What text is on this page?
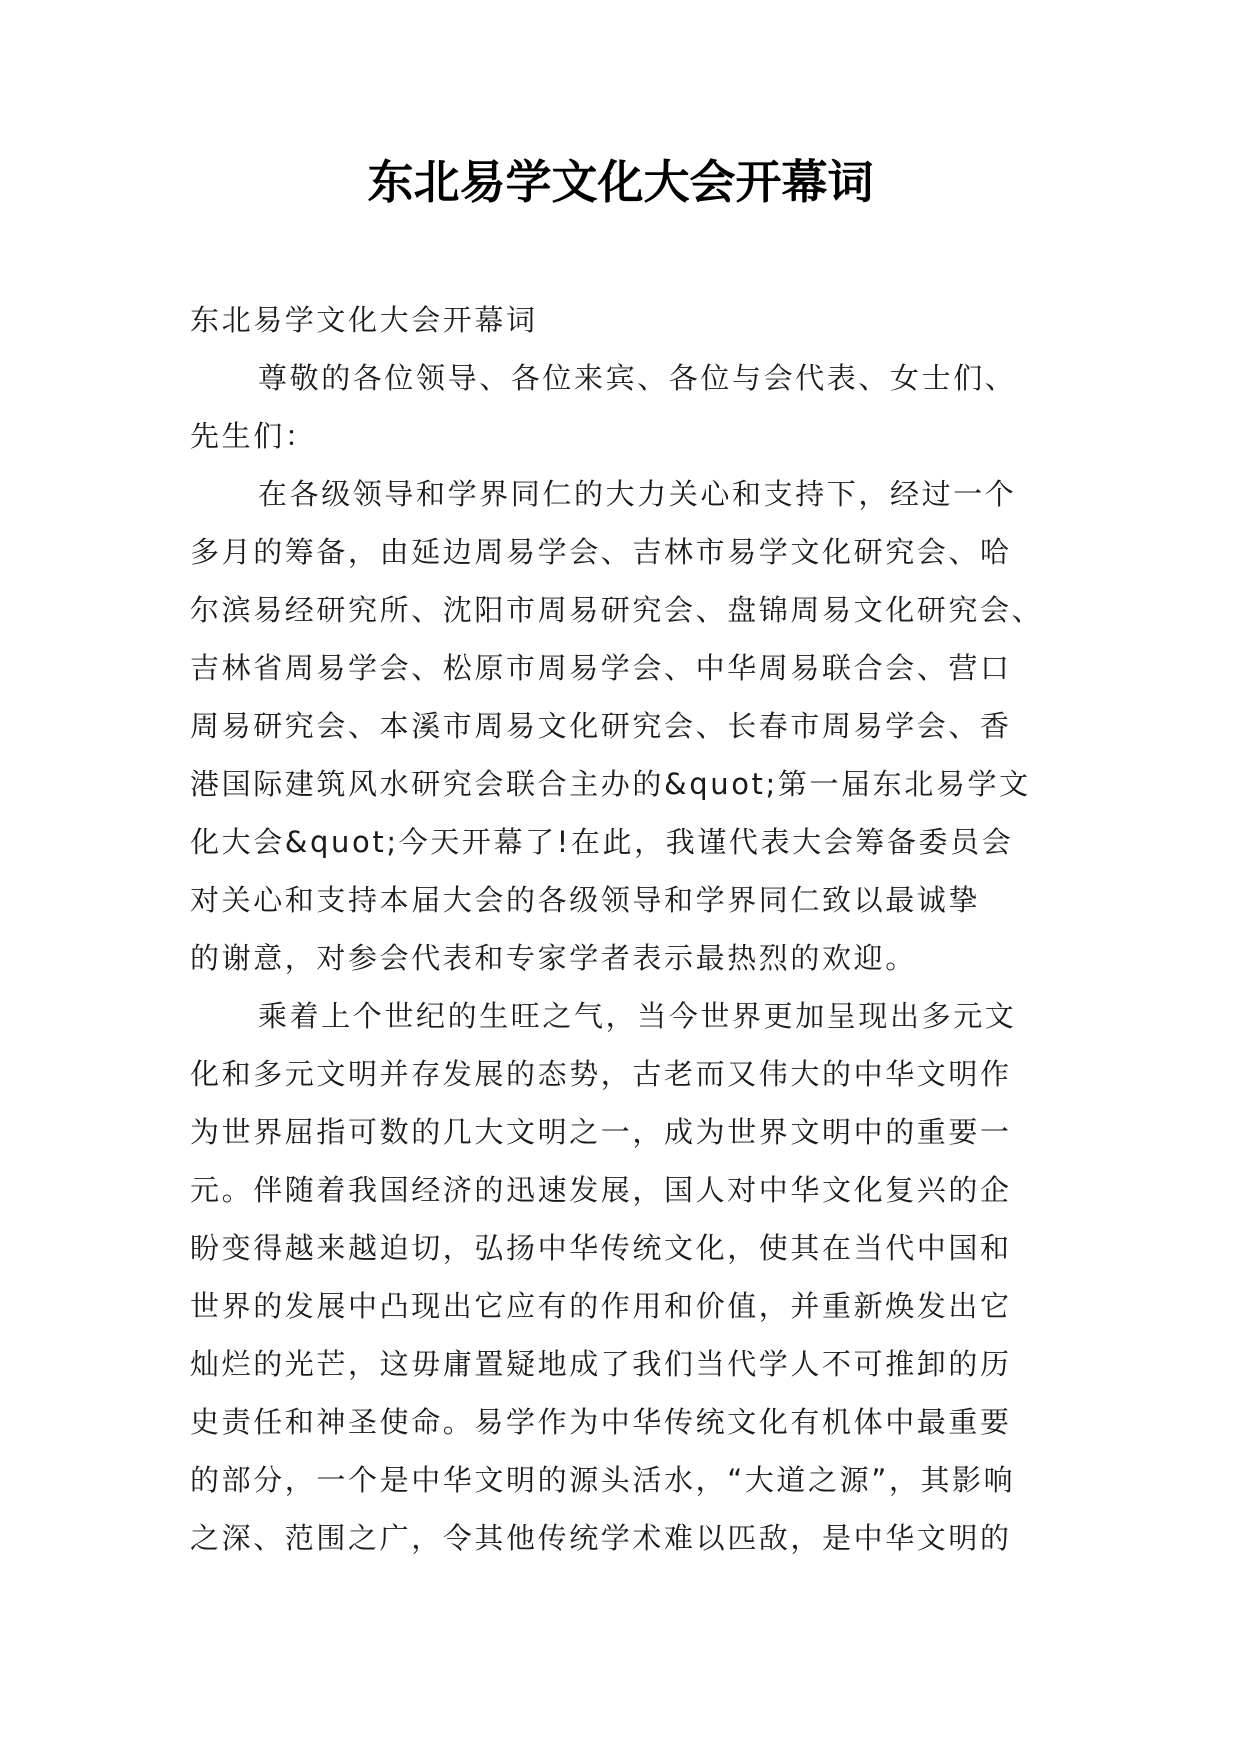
东北易学文化大会开幕词
东北易学文化大会开幕词
尊敬的各位领导、各位来宾、各位与会代表、女士们、
先生们：
在各级领导和学界同仁的大力关心和支持下，经过一个
多月的筹备，由延边周易学会、吉林市易学文化研究会、哈
尔滨易经研究所、沈阳市周易研究会、盘锦周易文化研究会、
吉林省周易学会、松原市周易学会、中华周易联合会、营口
周易研究会、本溪市周易文化研究会、长春市周易学会、香
港国际建筑风水研究会联合主办的&quot;第一届东北易学文
化大会&quot;今天开幕了!在此，我谨代表大会筹备委员会
对关心和支持本届大会的各级领导和学界同仁致以最诚挚
的谢意，对参会代表和专家学者表示最热烈的欢迎。
乘着上个世纪的生旺之气，当今世界更加呈现出多元文
化和多元文明并存发展的态势，古老而又伟大的中华文明作
为世界屈指可数的几大文明之一，成为世界文明中的重要一
元。伴随着我国经济的迅速发展，国人对中华文化复兴的企
盼变得越来越迫切，弘扬中华传统文化，使其在当代中国和
世界的发展中凸现出它应有的作用和价值，并重新焕发出它
灿烂的光芒，这毋庸置疑地成了我们当代学人不可推卸的历
史责任和神圣使命。易学作为中华传统文化有机体中最重要
的部分，一个是中华文明的源头活水，“大道之源”，其影响
之深、范围之广，令其他传统学术难以匹敌，是中华文明的
